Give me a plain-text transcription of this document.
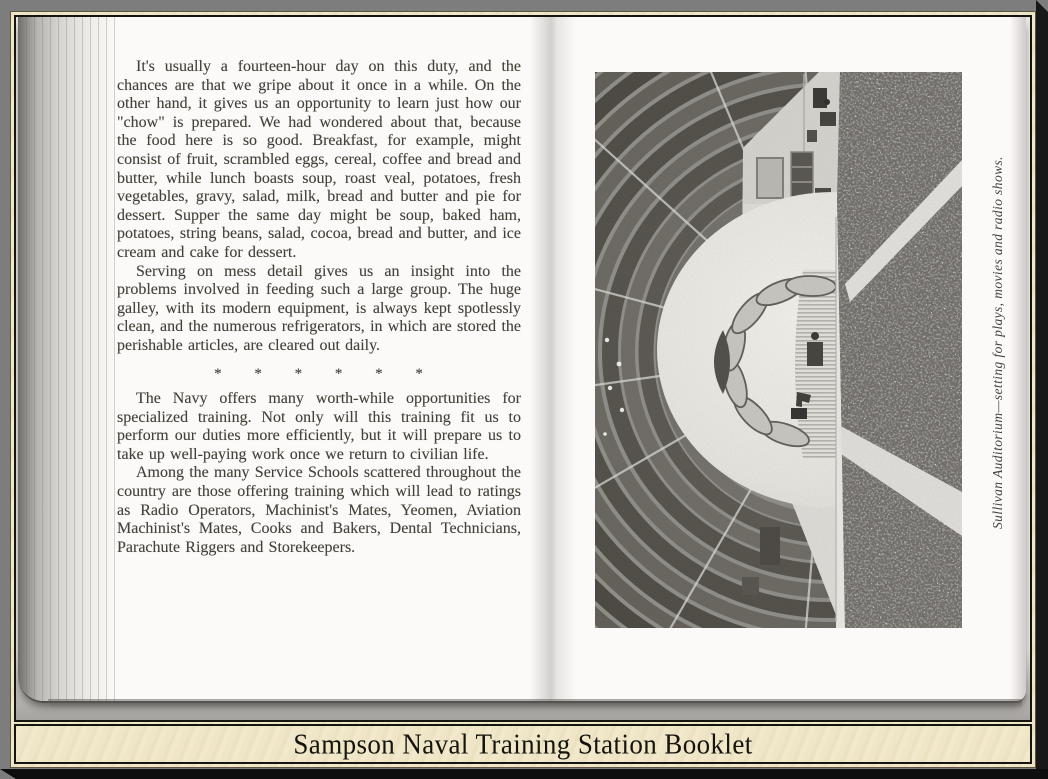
It's usually a fourteen-hour day on this duty, and the chances are that we gripe about it once in a while. On the other hand, it gives us an opportunity to learn just how our "chow" is prepared. We had wondered about that, because the food here is so good. Breakfast, for example, might consist of fruit, scrambled eggs, cereal, coffee and bread and butter, while lunch boasts soup, roast veal, potatoes, fresh vegetables, gravy, salad, milk, bread and butter and pie for dessert. Supper the same day might be soup, baked ham, potatoes, string beans, salad, cocoa, bread and butter, and ice cream and cake for dessert.

Serving on mess detail gives us an insight into the problems involved in feeding such a large group. The huge galley, with its modern equipment, is always kept spotlessly clean, and the numerous refrigerators, in which are stored the perishable articles, are cleared out daily.

* * * * * *

The Navy offers many worth-while opportunities for specialized training. Not only will this training fit us to perform our duties more efficiently, but it will prepare us to take up well-paying work once we return to civilian life.

Among the many Service Schools scattered throughout the country are those offering training which will lead to ratings as Radio Operators, Machinist's Mates, Yeomen, Aviation Machinist's Mates, Cooks and Bakers, Dental Technicians, Parachute Riggers and Storekeepers.

Sullivan Auditorium—setting for plays, movies and radio shows.
Sampson Naval Training Station Booklet
